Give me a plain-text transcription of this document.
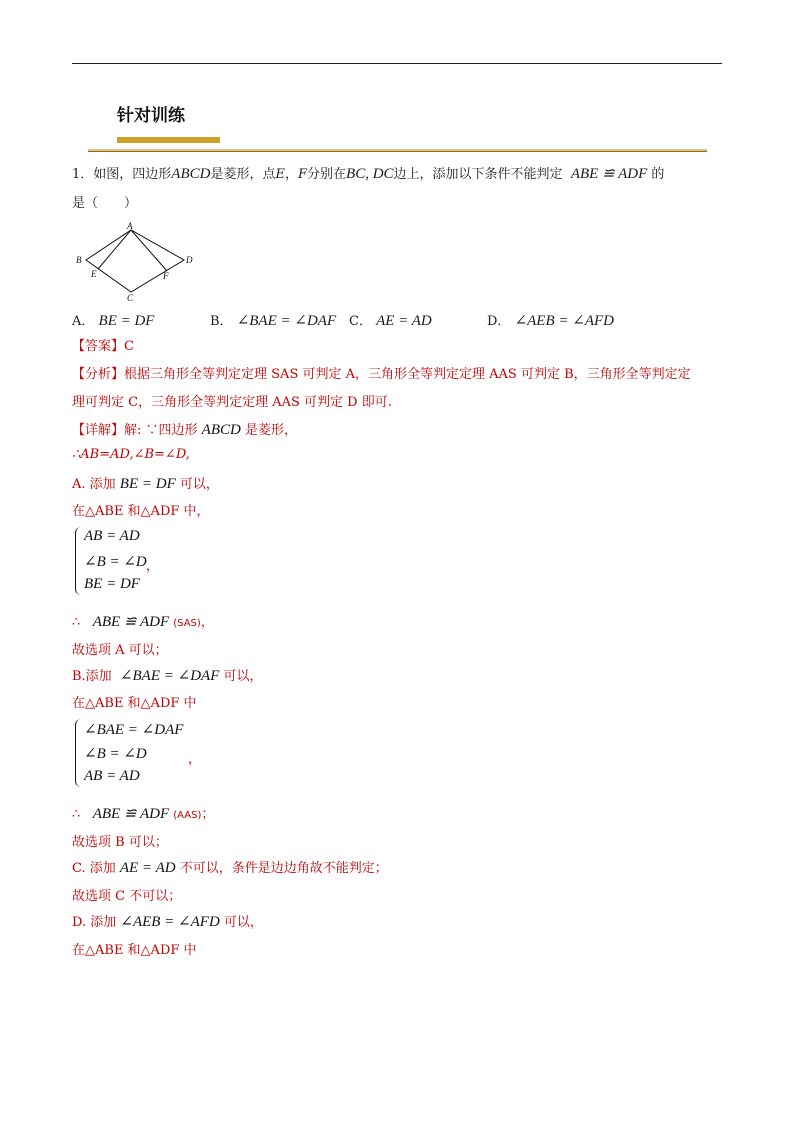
针对训练
1．如图，四边形ABCD是菱形，点E，F分别在BC, DC边上，添加以下条件不能判定 ABE ≌ ADF 的
是（　　）
A
B
C
D
E	F
A． BE = DF	B． ∠BAE = ∠DAF C． AE = AD	D． ∠AEB = ∠AFD
【答案】C
【分析】根据三角形全等判定定理 SAS 可判定 A，三角形全等判定定理 AAS 可判定 B，三角形全等判定定
理可判定 C，三角形全等判定定理 AAS 可判定 D 即可.
【详解】解: ∵四边形 ABCD 是菱形，
∴AB=AD,∠B=∠D,
A. 添加 BE = DF 可以，
在△ABE 和△ADF 中，
AB = AD
∠B = ∠D ，
BE = DF
∴ ABE ≌ ADF (SAS)，
故选项 A 可以；
B.添加 ∠BAE = ∠DAF 可以，
在△ABE 和△ADF 中
∠BAE = ∠DAF
∠B = ∠D	，
AB = AD
∴ ABE ≌ ADF (AAS)；
故选项 B 可以；
C. 添加 AE = AD 不可以，条件是边边角故不能判定；
故选项 C 不可以；
D. 添加 ∠AEB = ∠AFD 可以，
在△ABE 和△ADF 中
